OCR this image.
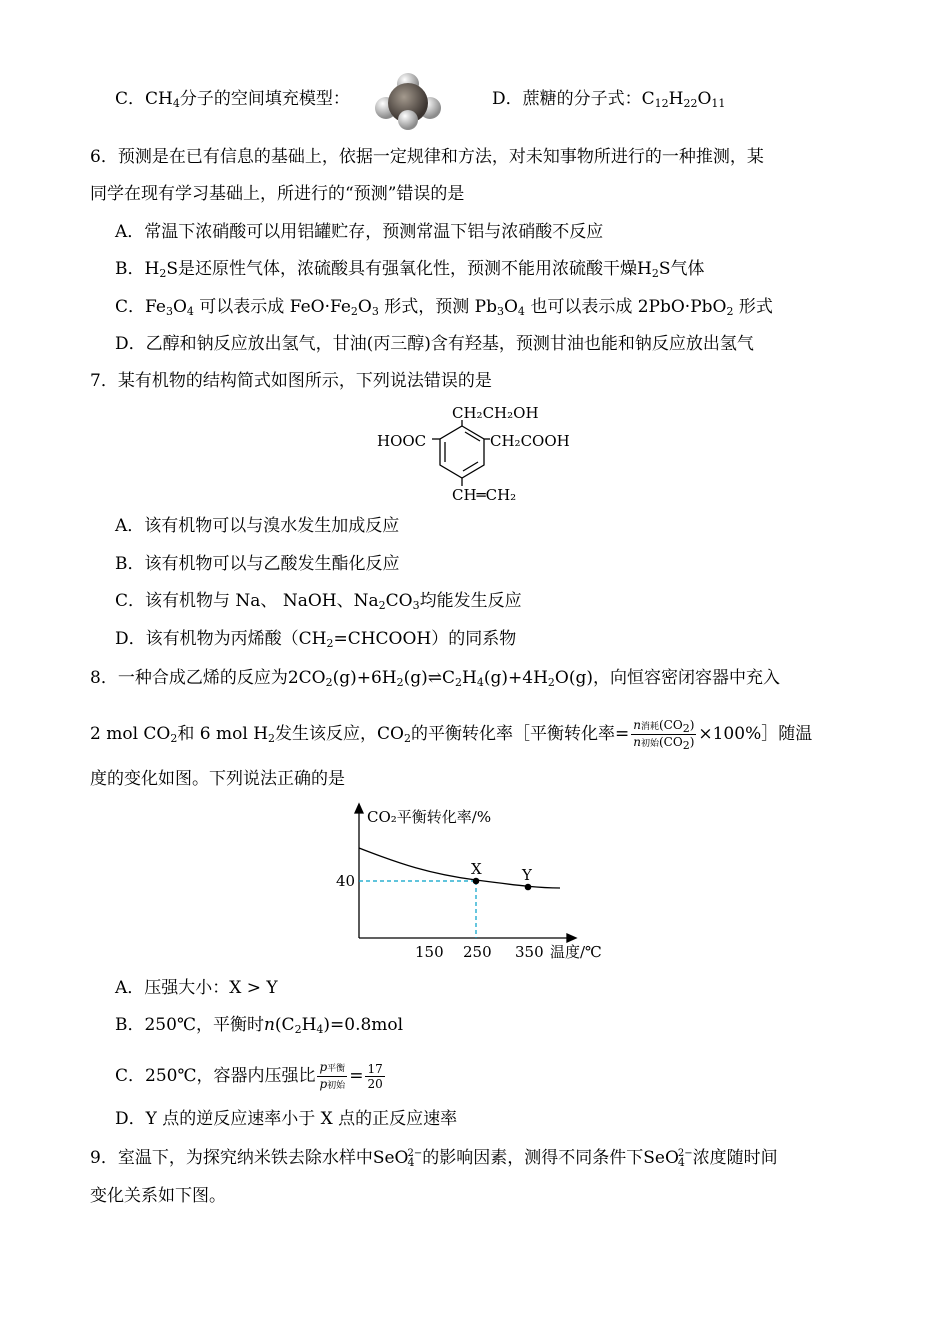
C．$CH_4$分子的空间填充模型：	D．蔗糖的分子式：$C_{12}H_{22}O_{11}$
6．预测是在已有信息的基础上，依据一定规律和方法，对未知事物所进行的一种推测，某
同学在现有学习基础上，所进行的“预测”错误的是
A．常温下浓硝酸可以用铝罐贮存，预测常温下铝与浓硝酸不反应
B．$H_2S$是还原性气体，浓硫酸具有强氧化性，预测不能用浓硫酸干燥$H_2S$气体
C．$Fe_3O_4$ 可以表示成 $FeO\cdot Fe_2O_3$ 形式，预测 $Pb_3O_4$ 也可以表示成 2PbO·PbO$_2$ 形式
D．乙醇和钠反应放出氢气，甘油(丙三醇)含有羟基，预测甘油也能和钠反应放出氢气
7．某有机物的结构简式如图所示，下列说法错误的是
CH₂CH₂OH
HOOC	CH₂COOH
CH═CH₂
A．该有机物可以与溴水发生加成反应
B．该有机物可以与乙酸发生酯化反应
C．该有机物与 Na、 NaOH、$Na_2CO_3$均能发生反应
D．该有机物为丙烯酸$(CH_2=CHCOOH)$的同系物
8．一种合成乙烯的反应为$2CO_2(g)+6H_2(g)\rightleftharpoons C_2H_4(g)+4H_2O(g)$，向恒容密闭容器中充入
2 mol $CO_2$和 6 mol $H_2$发生该反应，$CO_2$的平衡转化率［平衡转化率= $\frac{n消耗(CO_2)}{n初始(CO_2)}$ ×100%］随温
度的变化如图。下列说法正确的是
X	Y
40
150 250 350 温度/℃
CO₂平衡转化率/%
A．压强大小：X > Y
B．250℃，平衡时$n(C_2H_4)=0.8mol$
C．250℃，容器内压强比 $\frac{\text{p平衡}}{\text{p初始}} = \frac{17}{20}$
D．Y 点的逆反应速率小于 X 点的正反应速率
9．室温下，为探究纳米铁去除水样中SeO$_4^{2-}$的影响因素，测得不同条件下SeO$_4^{2-}$浓度随时间
变化关系如下图。
